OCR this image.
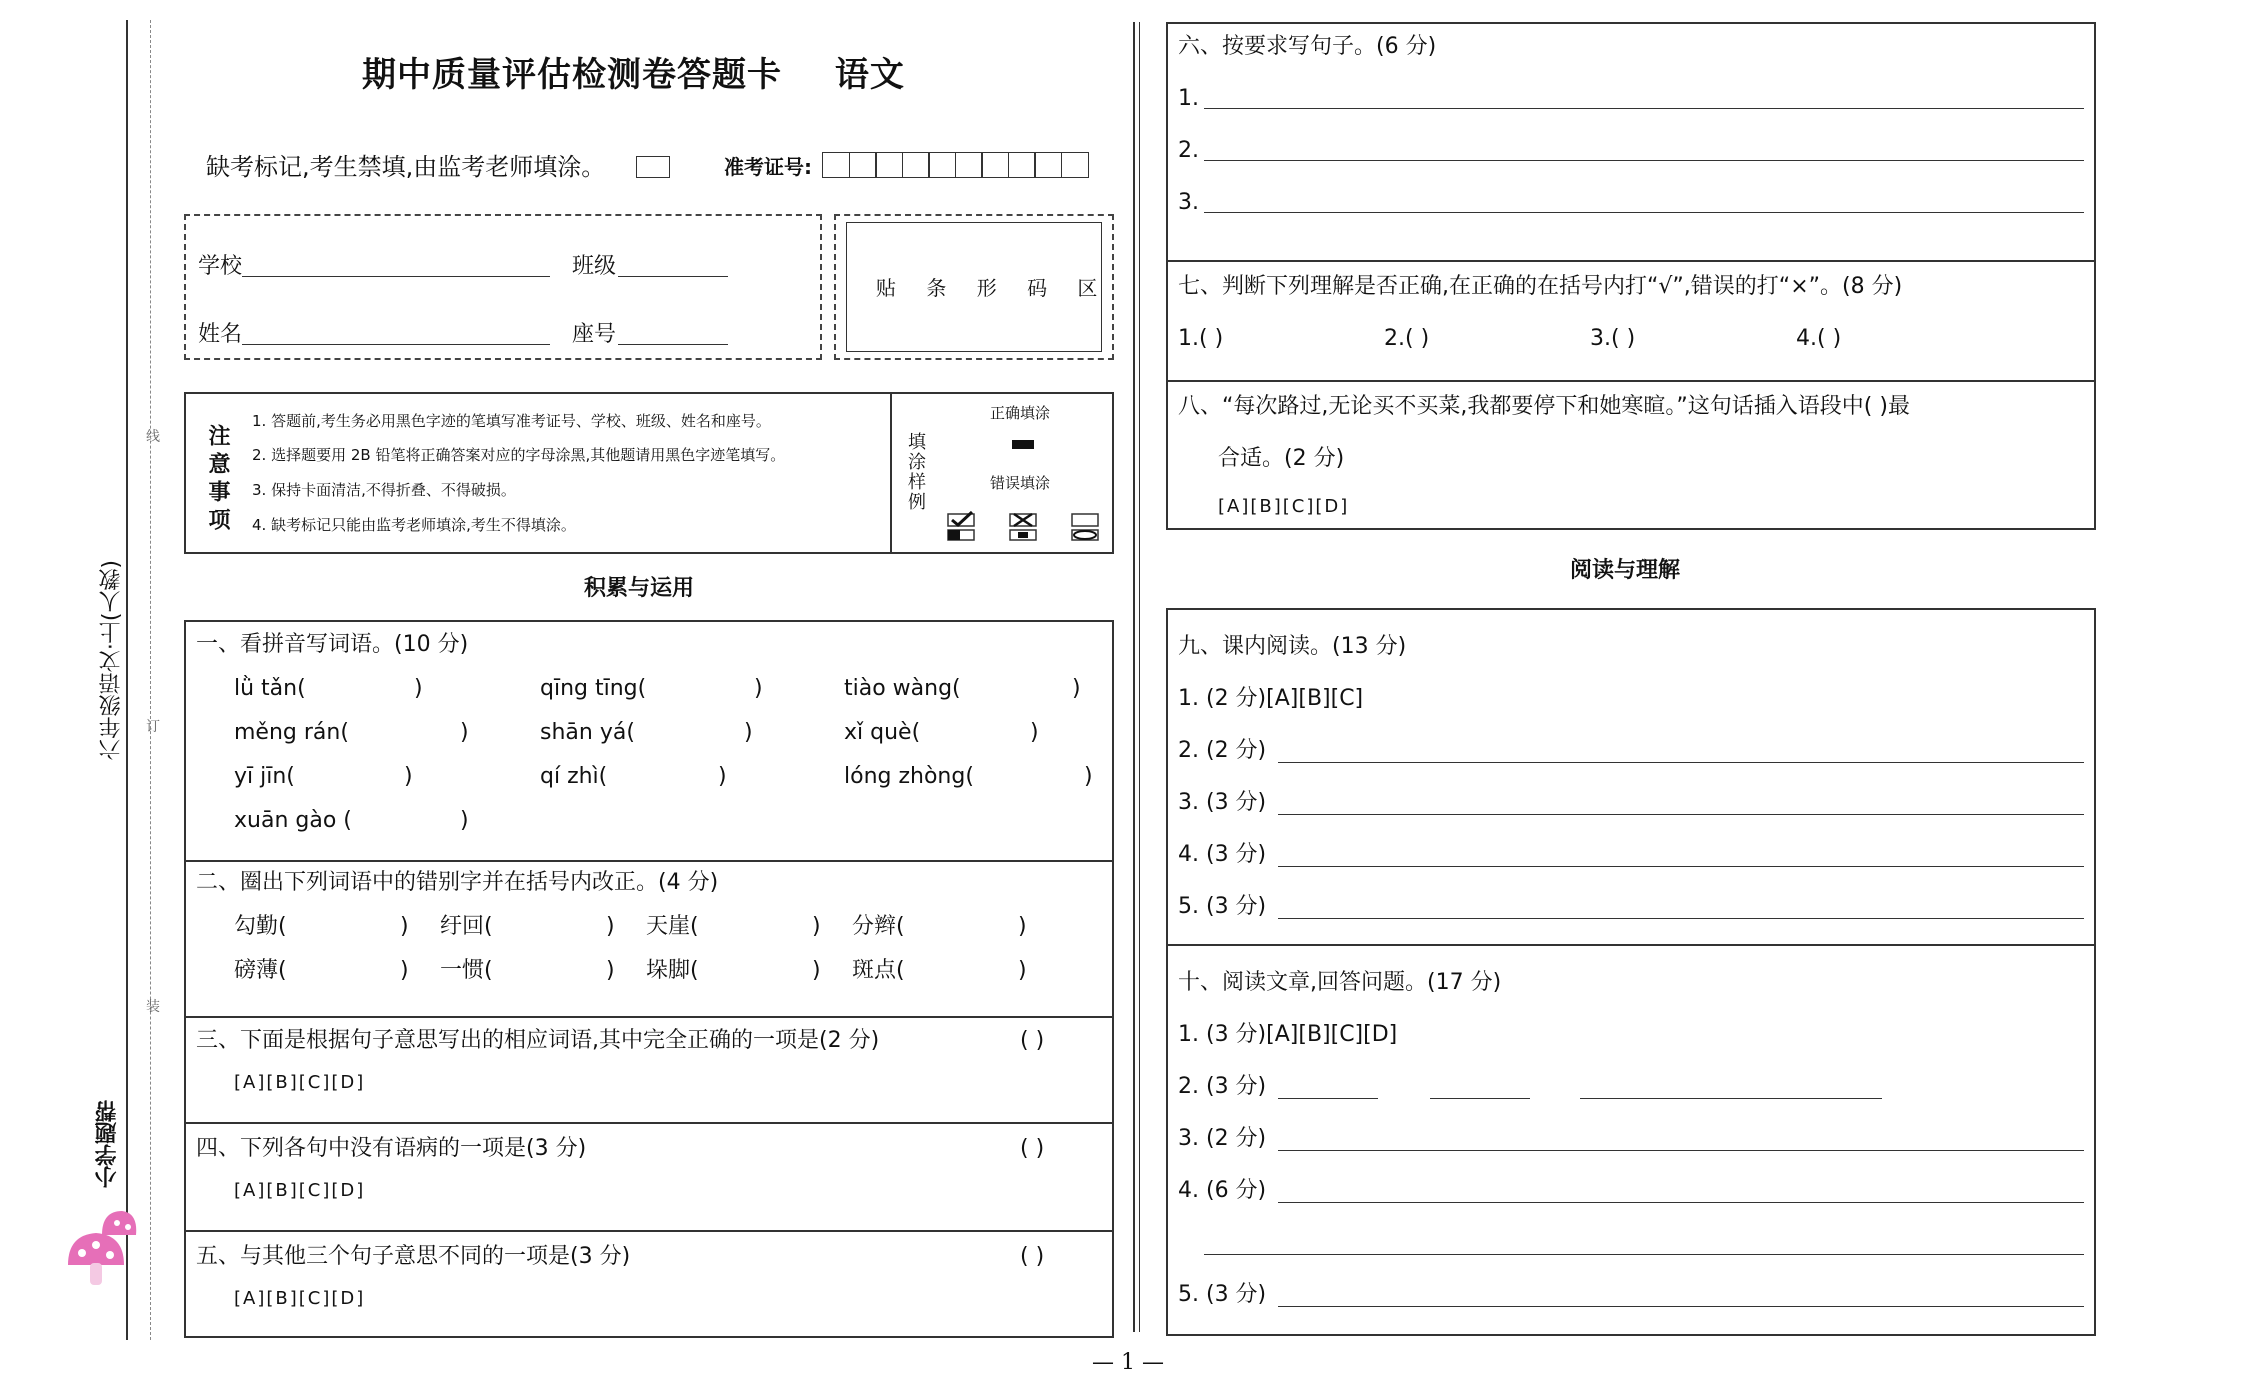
线
订
装
六年级语文·上(人教)
小学题帮
期中质量评估检测卷答题卡 语文
缺考标记,考生禁填,由监考老师填涂。	准考证号:
学校	班级
姓名	座号
贴 条 形 码 区
注意事项
1. 答题前,考生务必用黑色字迹的笔填写准考证号、学校、班级、姓名和座号。
2. 选择题要用 2B 铅笔将正确答案对应的字母涂黑,其他题请用黑色字迹笔填写。
3. 保持卡面清洁,不得折叠、不得破损。
4. 缺考标记只能由监考老师填涂,考生不得填涂。
填涂样例
正确填涂
错误填涂
积累与运用
一、看拼音写词语。(10 分)
lǜ tǎn(	)	qīng tīng(	)	tiào wàng(	)
měng rán(	)	shān yá(	)	xǐ què(	)
yī jīn(	)	qí zhì(	)	lóng zhòng(	)
xuān gào (	)
二、圈出下列词语中的错别字并在括号内改正。(4 分)
勾勤(	) 纡回(	) 天崖(	) 分辫(	)
磅薄(	) 一惯(	) 垛脚(	) 斑点(	)
三、下面是根据句子意思写出的相应词语,其中完全正确的一项是(2 分)	( )
[A][B][C][D]
四、下列各句中没有语病的一项是(3 分)	( )
[A][B][C][D]
五、与其他三个句子意思不同的一项是(3 分)	( )
[A][B][C][D]
六、按要求写句子。(6 分)
1.
2.
3.
七、判断下列理解是否正确,在正确的在括号内打“√”,错误的打“×”。(8 分)
1.( )	2.( )	3.( )	4.( )
八、“每次路过,无论买不买菜,我都要停下和她寒暄。”这句话插入语段中( )最
合适。(2 分)
[A][B][C][D]
阅读与理解
九、课内阅读。(13 分)
1. (2 分)[A][B][C]
2. (2 分)
3. (3 分)
4. (3 分)
5. (3 分)
十、阅读文章,回答问题。(17 分)
1. (3 分)[A][B][C][D]
2. (3 分)
3. (2 分)
4. (6 分)
5. (3 分)
— 1 —
